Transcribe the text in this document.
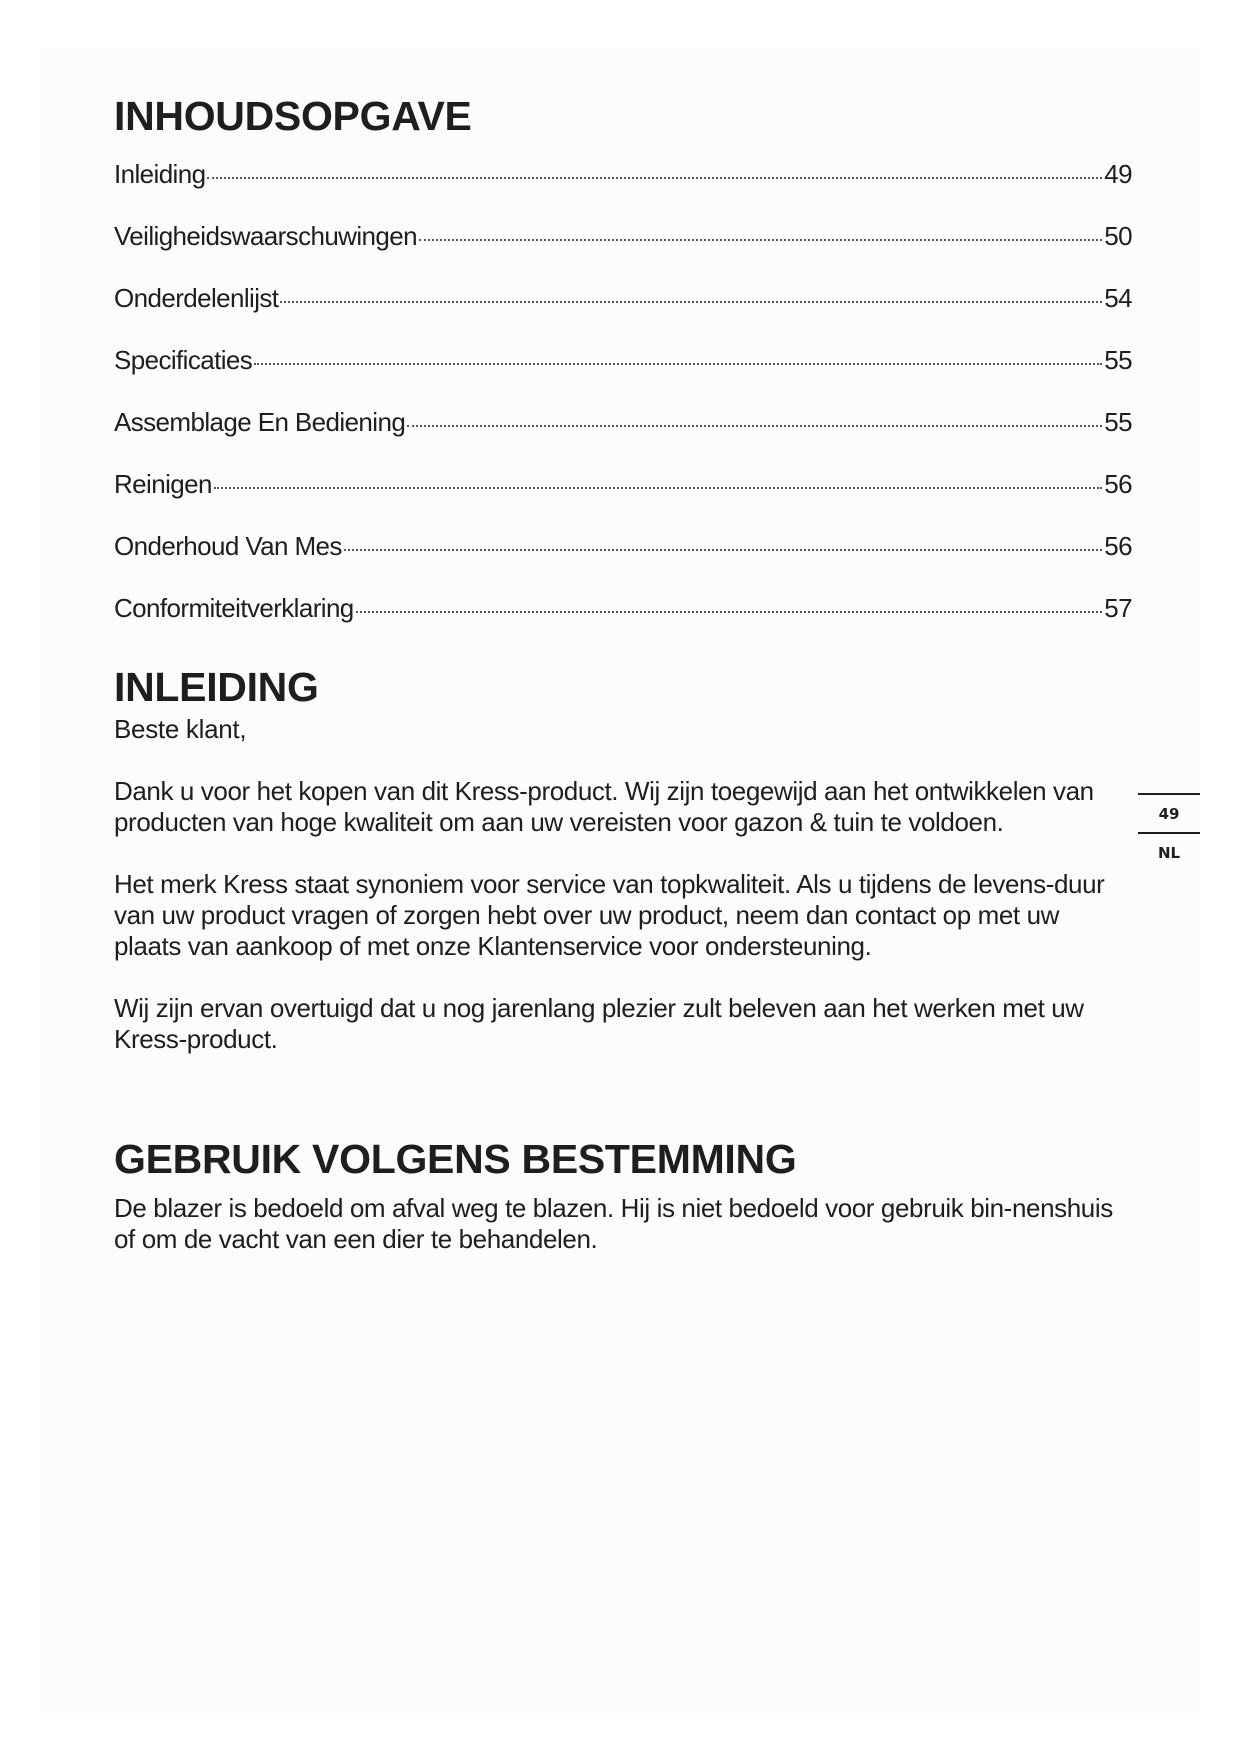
INHOUDSOPGAVE
Inleiding	49
Veiligheidswaarschuwingen	50
Onderdelenlijst	54
Specificaties	55
Assemblage En Bediening	55
Reinigen	56
Onderhoud Van Mes	56
Conformiteitverklaring	57
INLEIDING

Beste klant,

Dank u voor het kopen van dit Kress-product. Wij zijn toegewijd aan het ontwikkelen van producten van hoge kwaliteit om aan uw vereisten voor gazon & tuin te voldoen.

Het merk Kress staat synoniem voor service van topkwaliteit. Als u tijdens de levens-duur van uw product vragen of zorgen hebt over uw product, neem dan contact op met uw plaats van aankoop of met onze Klantenservice voor ondersteuning.

Wij zijn ervan overtuigd dat u nog jarenlang plezier zult beleven aan het werken met uw Kress-product.

GEBRUIK VOLGENS BESTEMMING

De blazer is bedoeld om afval weg te blazen. Hij is niet bedoeld voor gebruik bin-nenshuis of om de vacht van een dier te behandelen.

49
NL
